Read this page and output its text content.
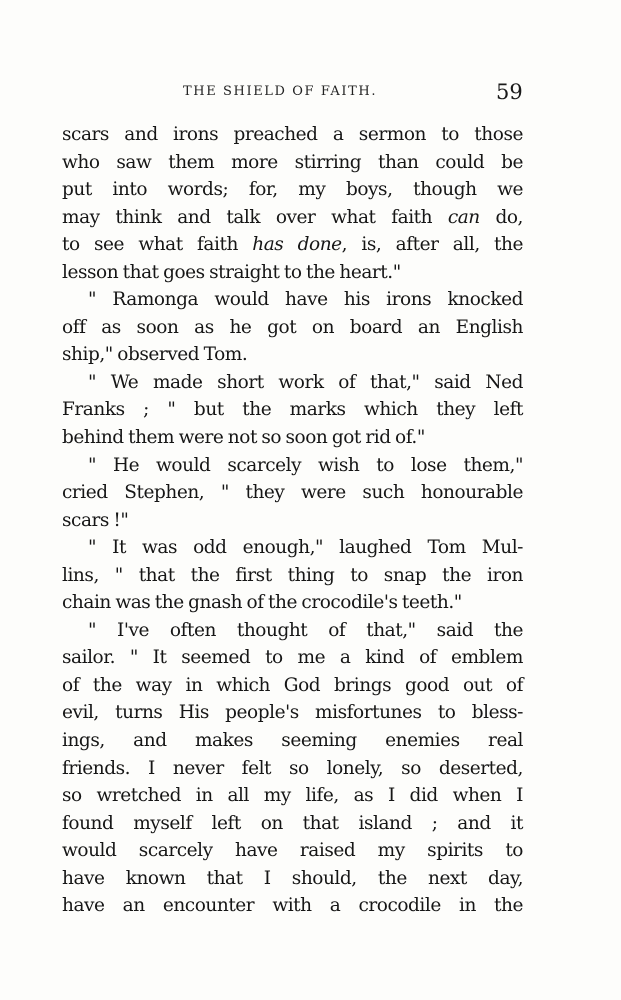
THE SHIELD OF FAITH.	59
scars and irons preached a sermon to those
who saw them more stirring than could be
put into words; for, my boys, though we
may think and talk over what faith can do,
to see what faith has done, is, after all, the
lesson that goes straight to the heart."
" Ramonga would have his irons knocked
off as soon as he got on board an English
ship," observed Tom.
" We made short work of that," said Ned
Franks ; " but the marks which they left
behind them were not so soon got rid of."
" He would scarcely wish to lose them,"
cried Stephen, " they were such honourable
scars !"
" It was odd enough," laughed Tom Mul-
lins, " that the first thing to snap the iron
chain was the gnash of the crocodile's teeth."
" I've often thought of that," said the
sailor. " It seemed to me a kind of emblem
of the way in which God brings good out of
evil, turns His people's misfortunes to bless-
ings, and makes seeming enemies real
friends. I never felt so lonely, so deserted,
so wretched in all my life, as I did when I
found myself left on that island ; and it
would scarcely have raised my spirits to
have known that I should, the next day,
have an encounter with a crocodile in the
